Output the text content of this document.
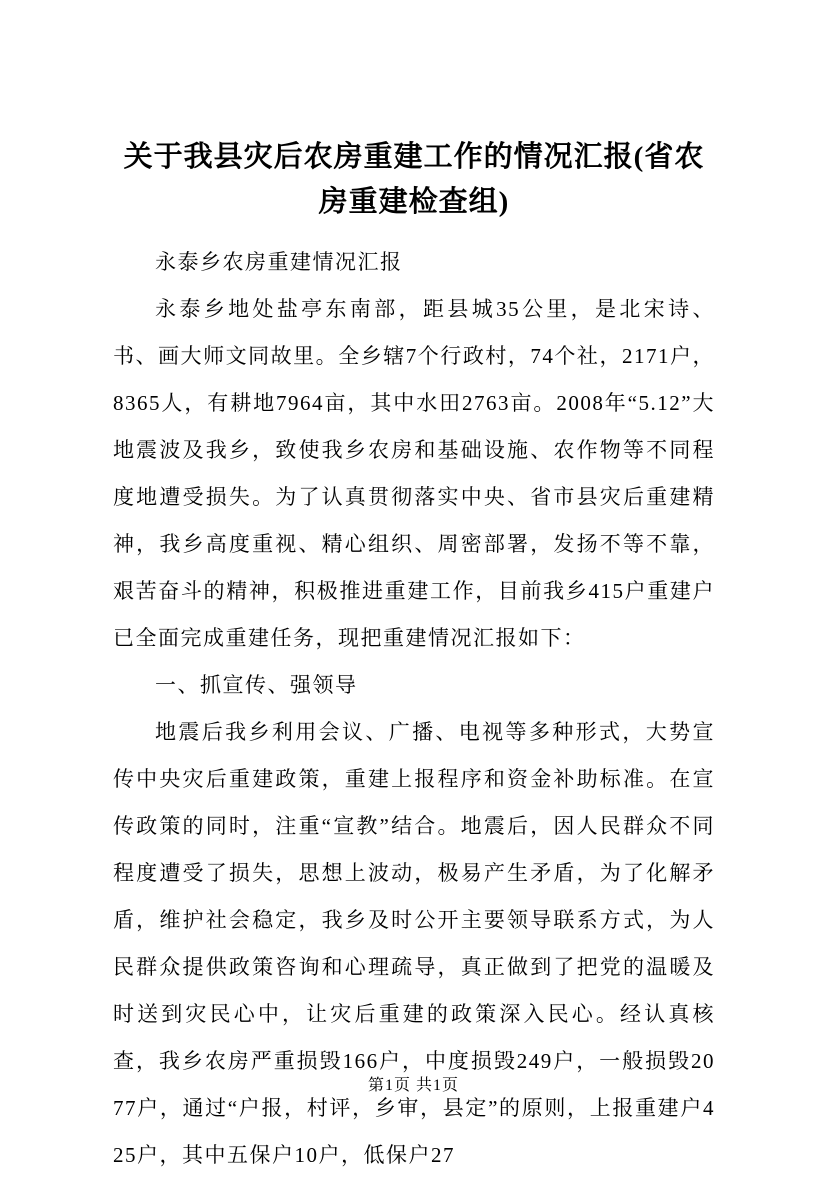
关于我县灾后农房重建工作的情况汇报(省农房重建检查组)

永泰乡农房重建情况汇报

永泰乡地处盐亭东南部，距县城35公里，是北宋诗、书、画大师文同故里。全乡辖7个行政村，74个社，2171户，8365人，有耕地7964亩，其中水田2763亩。2008年“5.12”大地震波及我乡，致使我乡农房和基础设施、农作物等不同程度地遭受损失。为了认真贯彻落实中央、省市县灾后重建精神，我乡高度重视、精心组织、周密部署，发扬不等不靠，艰苦奋斗的精神，积极推进重建工作，目前我乡415户重建户已全面完成重建任务，现把重建情况汇报如下：

一、抓宣传、强领导

地震后我乡利用会议、广播、电视等多种形式，大势宣传中央灾后重建政策，重建上报程序和资金补助标准。在宣传政策的同时，注重“宣教”结合。地震后，因人民群众不同程度遭受了损失，思想上波动，极易产生矛盾，为了化解矛盾，维护社会稳定，我乡及时公开主要领导联系方式，为人民群众提供政策咨询和心理疏导，真正做到了把党的温暖及时送到灾民心中，让灾后重建的政策深入民心。经认真核查，我乡农房严重损毁166户，中度损毁249户，一般损毁2077户，通过“户报，村评，乡审，县定”的原则，上报重建户425户，其中五保户10户，低保户27

第1页 共1页
